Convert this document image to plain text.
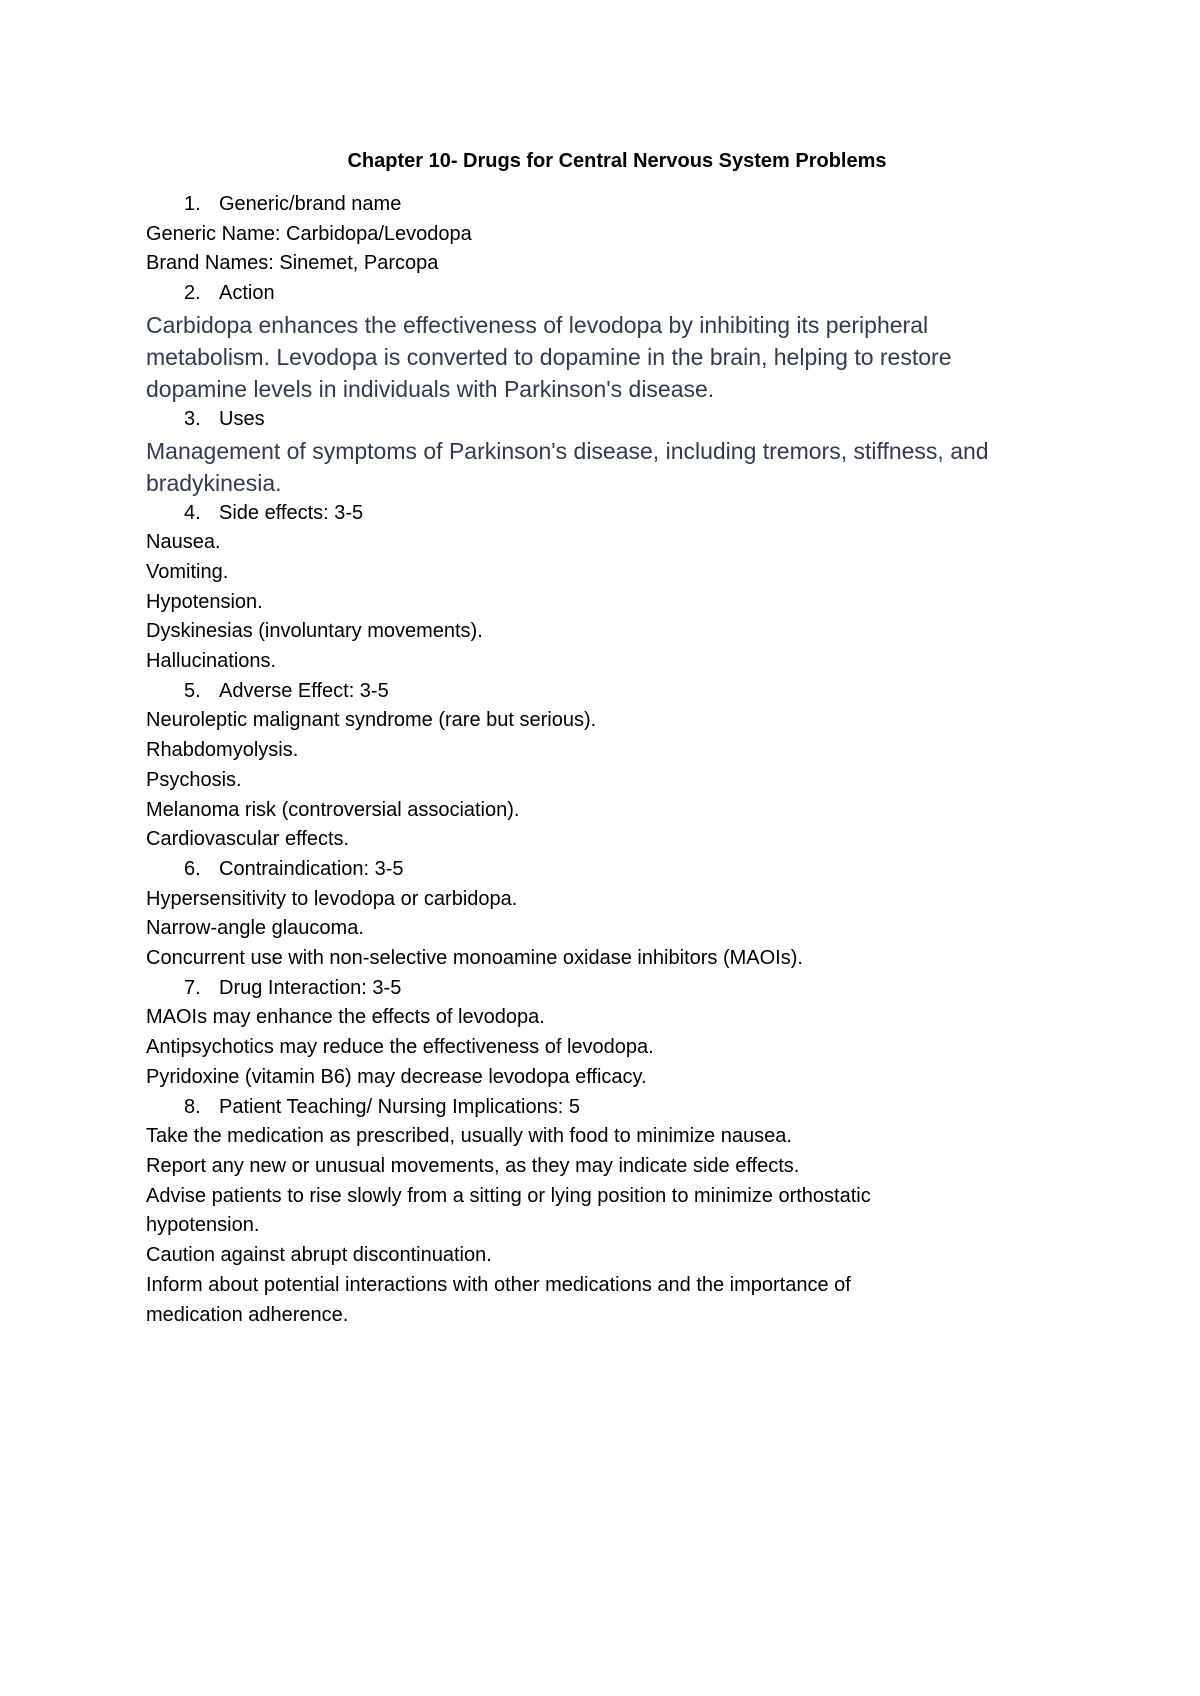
Chapter 10- Drugs for Central Nervous System Problems
1. Generic/brand name

Generic Name: Carbidopa/Levodopa

Brand Names: Sinemet, Parcopa

2. Action

Carbidopa enhances the effectiveness of levodopa by inhibiting its peripheral

metabolism. Levodopa is converted to dopamine in the brain, helping to restore

dopamine levels in individuals with Parkinson's disease.

3. Uses

Management of symptoms of Parkinson's disease, including tremors, stiffness, and

bradykinesia.

4. Side effects: 3-5

Nausea.

Vomiting.

Hypotension.

Dyskinesias (involuntary movements).

Hallucinations.

5. Adverse Effect: 3-5

Neuroleptic malignant syndrome (rare but serious).

Rhabdomyolysis.

Psychosis.

Melanoma risk (controversial association).

Cardiovascular effects.

6. Contraindication: 3-5

Hypersensitivity to levodopa or carbidopa.

Narrow-angle glaucoma.

Concurrent use with non-selective monoamine oxidase inhibitors (MAOIs).

7. Drug Interaction: 3-5

MAOIs may enhance the effects of levodopa.

Antipsychotics may reduce the effectiveness of levodopa.

Pyridoxine (vitamin B6) may decrease levodopa efficacy.

8. Patient Teaching/ Nursing Implications: 5

Take the medication as prescribed, usually with food to minimize nausea.

Report any new or unusual movements, as they may indicate side effects.

Advise patients to rise slowly from a sitting or lying position to minimize orthostatic

hypotension.

Caution against abrupt discontinuation.

Inform about potential interactions with other medications and the importance of

medication adherence.
